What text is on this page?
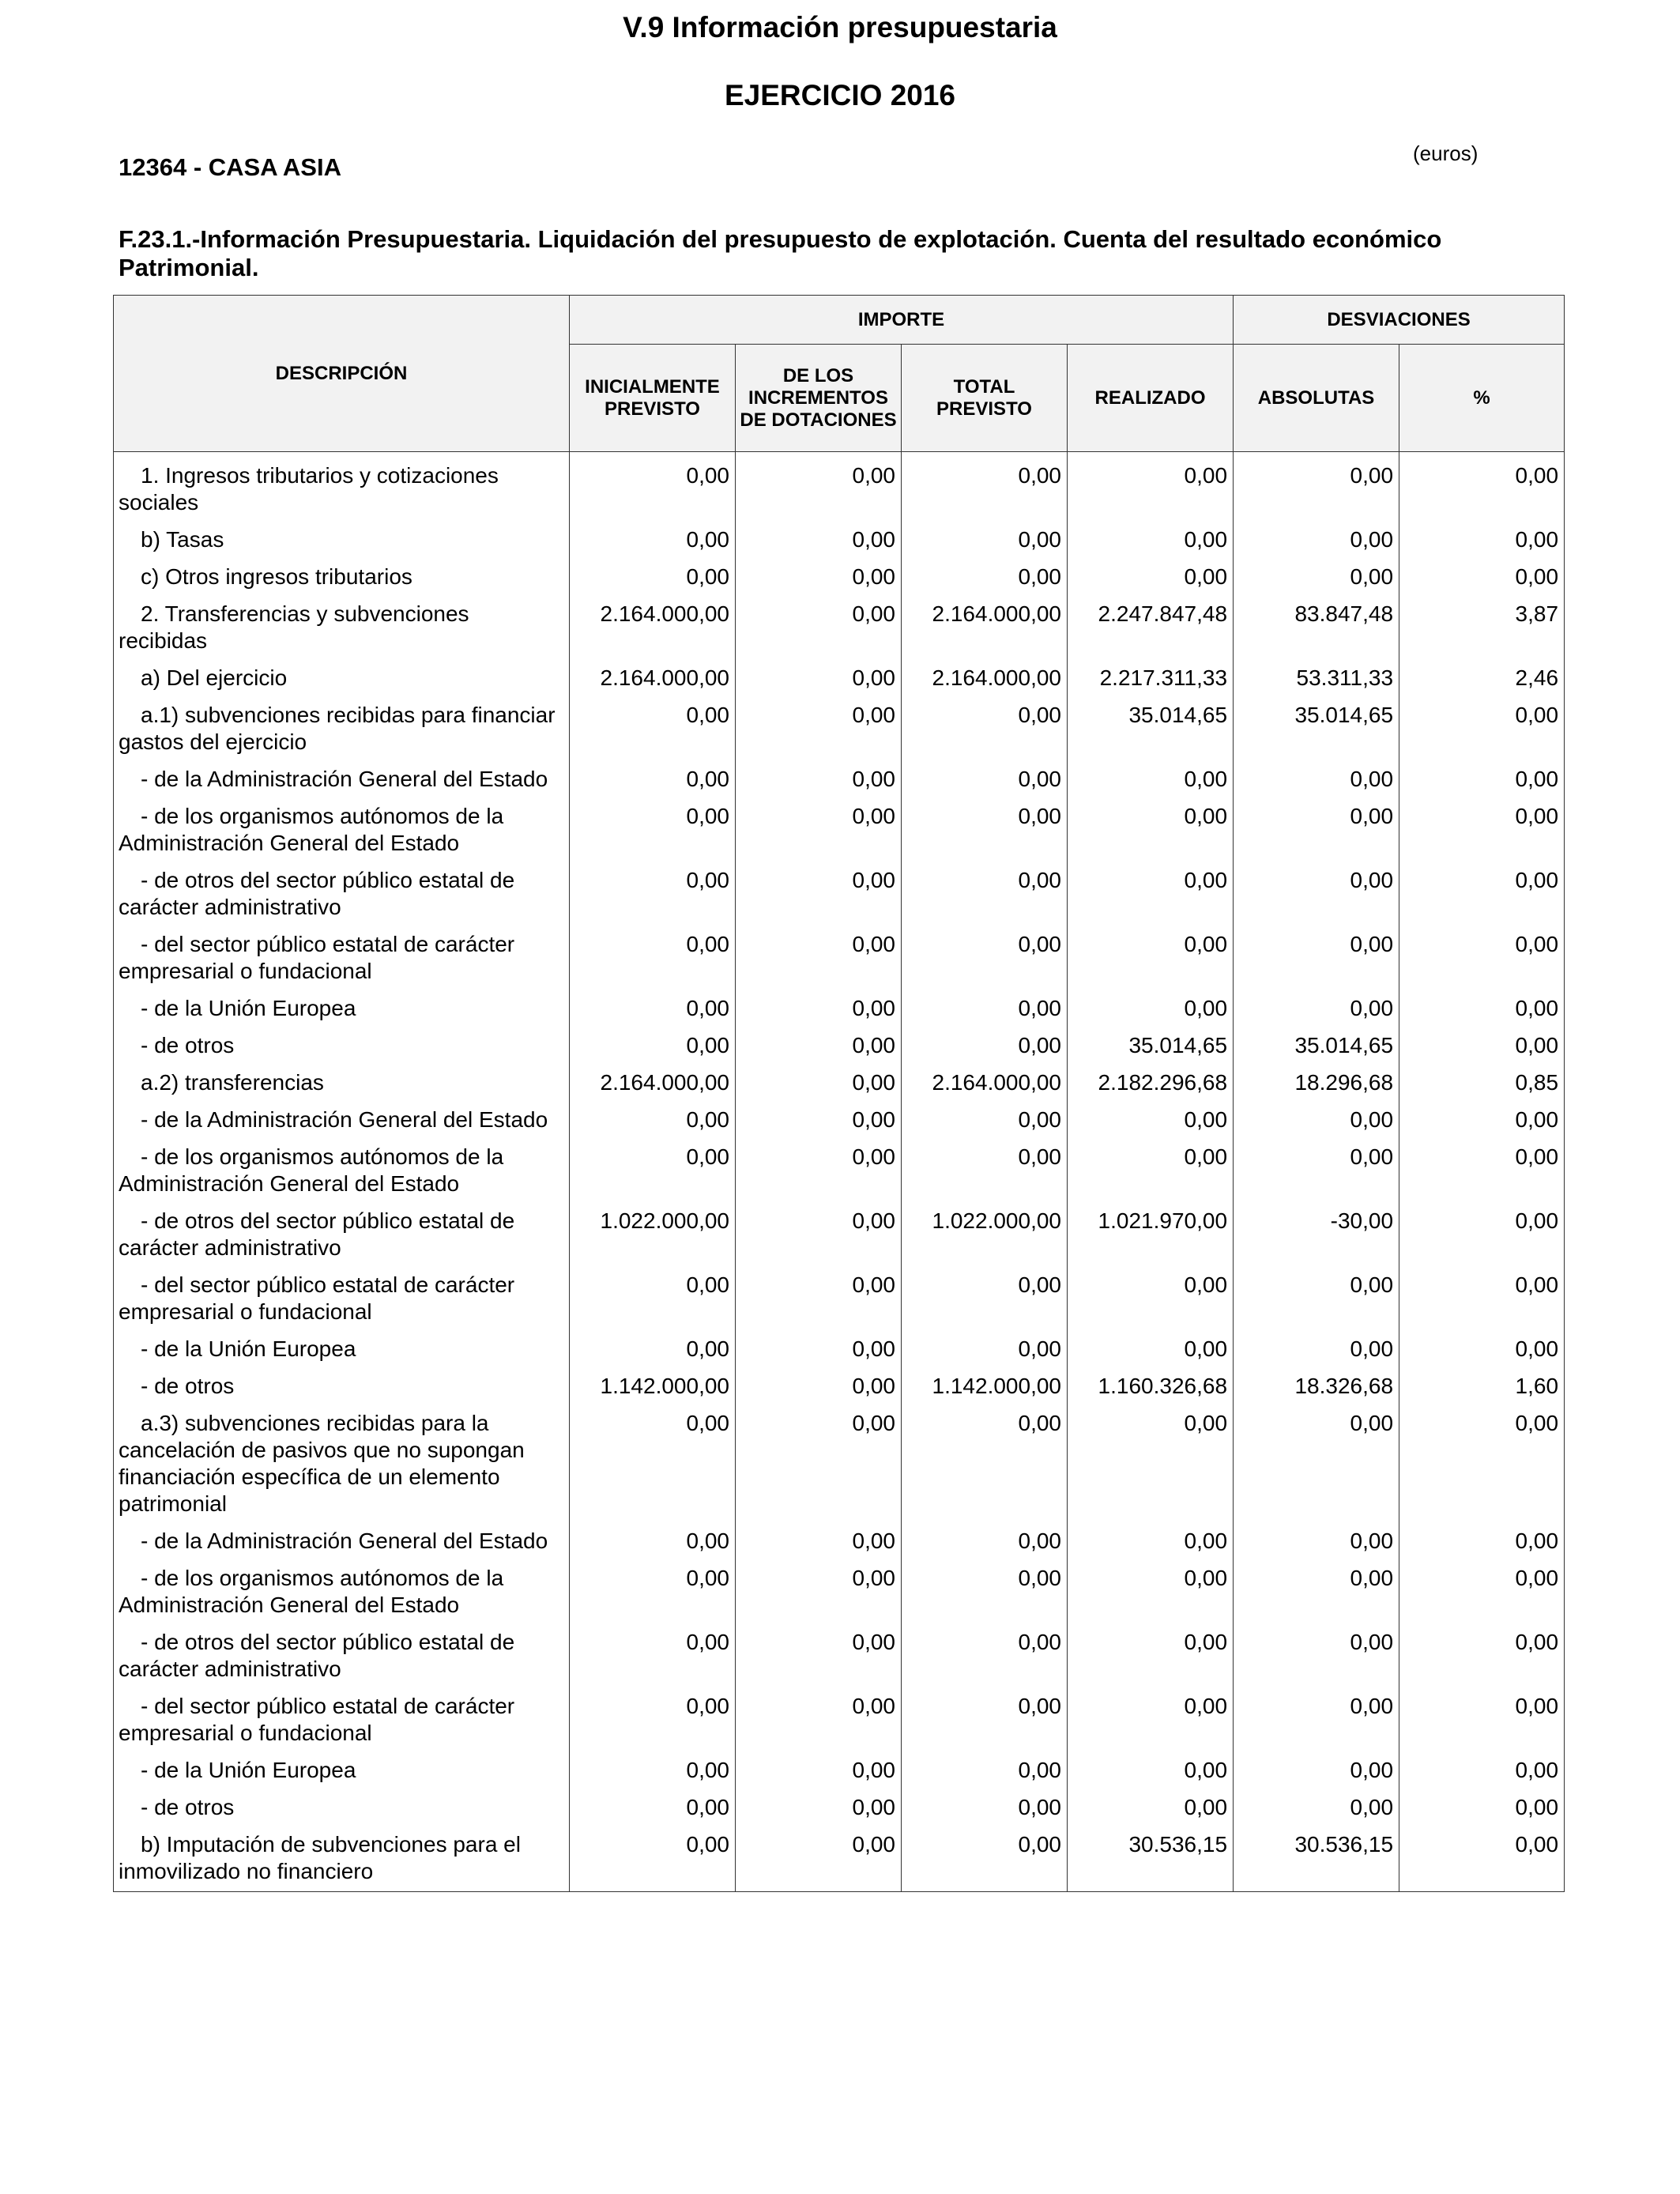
V.9 Información presupuestaria
EJERCICIO 2016
(euros)
12364 - CASA ASIA
F.23.1.-Información Presupuestaria. Liquidación del presupuesto de explotación. Cuenta del resultado económico Patrimonial.
DESCRIPCIÓN	IMPORTE				DESVIACIONES	
	INICIALMENTE PREVISTO	DE LOS INCREMENTOS DE DOTACIONES	TOTAL PREVISTO	REALIZADO	ABSOLUTAS	%
1. Ingresos tributarios y cotizaciones sociales	0,00	0,00	0,00	0,00	0,00	0,00
b) Tasas	0,00	0,00	0,00	0,00	0,00	0,00
c) Otros ingresos tributarios	0,00	0,00	0,00	0,00	0,00	0,00
2. Transferencias y subvenciones recibidas	2.164.000,00	0,00	2.164.000,00	2.247.847,48	83.847,48	3,87
a) Del ejercicio	2.164.000,00	0,00	2.164.000,00	2.217.311,33	53.311,33	2,46
a.1) subvenciones recibidas para financiar gastos del ejercicio	0,00	0,00	0,00	35.014,65	35.014,65	0,00
- de la Administración General del Estado	0,00	0,00	0,00	0,00	0,00	0,00
- de los organismos autónomos de la Administración General del Estado	0,00	0,00	0,00	0,00	0,00	0,00
- de otros del sector público estatal de carácter administrativo	0,00	0,00	0,00	0,00	0,00	0,00
- del sector público estatal de carácter empresarial o fundacional	0,00	0,00	0,00	0,00	0,00	0,00
- de la Unión Europea	0,00	0,00	0,00	0,00	0,00	0,00
- de otros	0,00	0,00	0,00	35.014,65	35.014,65	0,00
a.2) transferencias	2.164.000,00	0,00	2.164.000,00	2.182.296,68	18.296,68	0,85
- de la Administración General del Estado	0,00	0,00	0,00	0,00	0,00	0,00
- de los organismos autónomos de la Administración General del Estado	0,00	0,00	0,00	0,00	0,00	0,00
- de otros del sector público estatal de carácter administrativo	1.022.000,00	0,00	1.022.000,00	1.021.970,00	-30,00	0,00
- del sector público estatal de carácter empresarial o fundacional	0,00	0,00	0,00	0,00	0,00	0,00
- de la Unión Europea	0,00	0,00	0,00	0,00	0,00	0,00
- de otros	1.142.000,00	0,00	1.142.000,00	1.160.326,68	18.326,68	1,60
a.3) subvenciones recibidas para la cancelación de pasivos que no supongan financiación específica de un elemento patrimonial	0,00	0,00	0,00	0,00	0,00	0,00
- de la Administración General del Estado	0,00	0,00	0,00	0,00	0,00	0,00
- de los organismos autónomos de la Administración General del Estado	0,00	0,00	0,00	0,00	0,00	0,00
- de otros del sector público estatal de carácter administrativo	0,00	0,00	0,00	0,00	0,00	0,00
- del sector público estatal de carácter empresarial o fundacional	0,00	0,00	0,00	0,00	0,00	0,00
- de la Unión Europea	0,00	0,00	0,00	0,00	0,00	0,00
- de otros	0,00	0,00	0,00	0,00	0,00	0,00
b) Imputación de subvenciones para el inmovilizado no financiero	0,00	0,00	0,00	30.536,15	30.536,15	0,00
